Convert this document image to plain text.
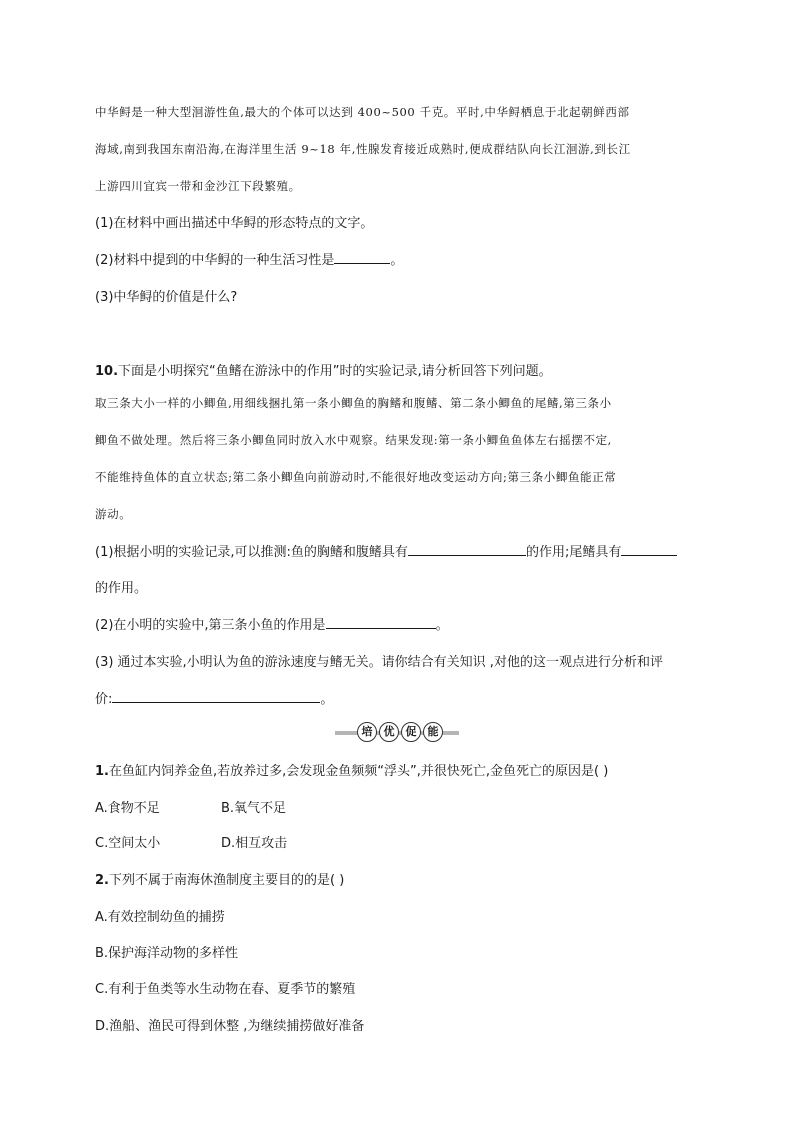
中华鲟是一种大型洄游性鱼,最大的个体可以达到 400~500 千克。平时,中华鲟栖息于北起朝鲜西部
海域,南到我国东南沿海,在海洋里生活 9~18 年,性腺发育接近成熟时,便成群结队向长江洄游,到长江
上游四川宜宾一带和金沙江下段繁殖。
(1)在材料中画出描述中华鲟的形态特点的文字。
(2)材料中提到的中华鲟的一种生活习性是	。
(3)中华鲟的价值是什么?
10.下面是小明探究“鱼鳍在游泳中的作用”时的实验记录,请分析回答下列问题。
取三条大小一样的小鲫鱼,用细线捆扎第一条小鲫鱼的胸鳍和腹鳍、第二条小鲫鱼的尾鳍,第三条小
鲫鱼不做处理。然后将三条小鲫鱼同时放入水中观察。结果发现:第一条小鲫鱼鱼体左右摇摆不定,
不能维持鱼体的直立状态;第二条小鲫鱼向前游动时,不能很好地改变运动方向;第三条小鲫鱼能正常
游动。
(1)根据小明的实验记录,可以推测:鱼的胸鳍和腹鳍具有	的作用;尾鳍具有
的作用。
(2)在小明的实验中,第三条小鱼的作用是	。
(3) 通过本实验,小明认为鱼的游泳速度与鳍无关。请你结合有关知识 ,对他的这一观点进行分析和评
价:	。
培	优	促	能
1.在鱼缸内饲养金鱼,若放养过多,会发现金鱼频频“浮头”,并很快死亡,金鱼死亡的原因是( )
A.食物不足	B.氧气不足
C.空间太小	D.相互攻击
2.下列不属于南海休渔制度主要目的的是( )
A.有效控制幼鱼的捕捞
B.保护海洋动物的多样性
C.有利于鱼类等水生动物在春、夏季节的繁殖
D.渔船、渔民可得到休整 ,为继续捕捞做好准备
